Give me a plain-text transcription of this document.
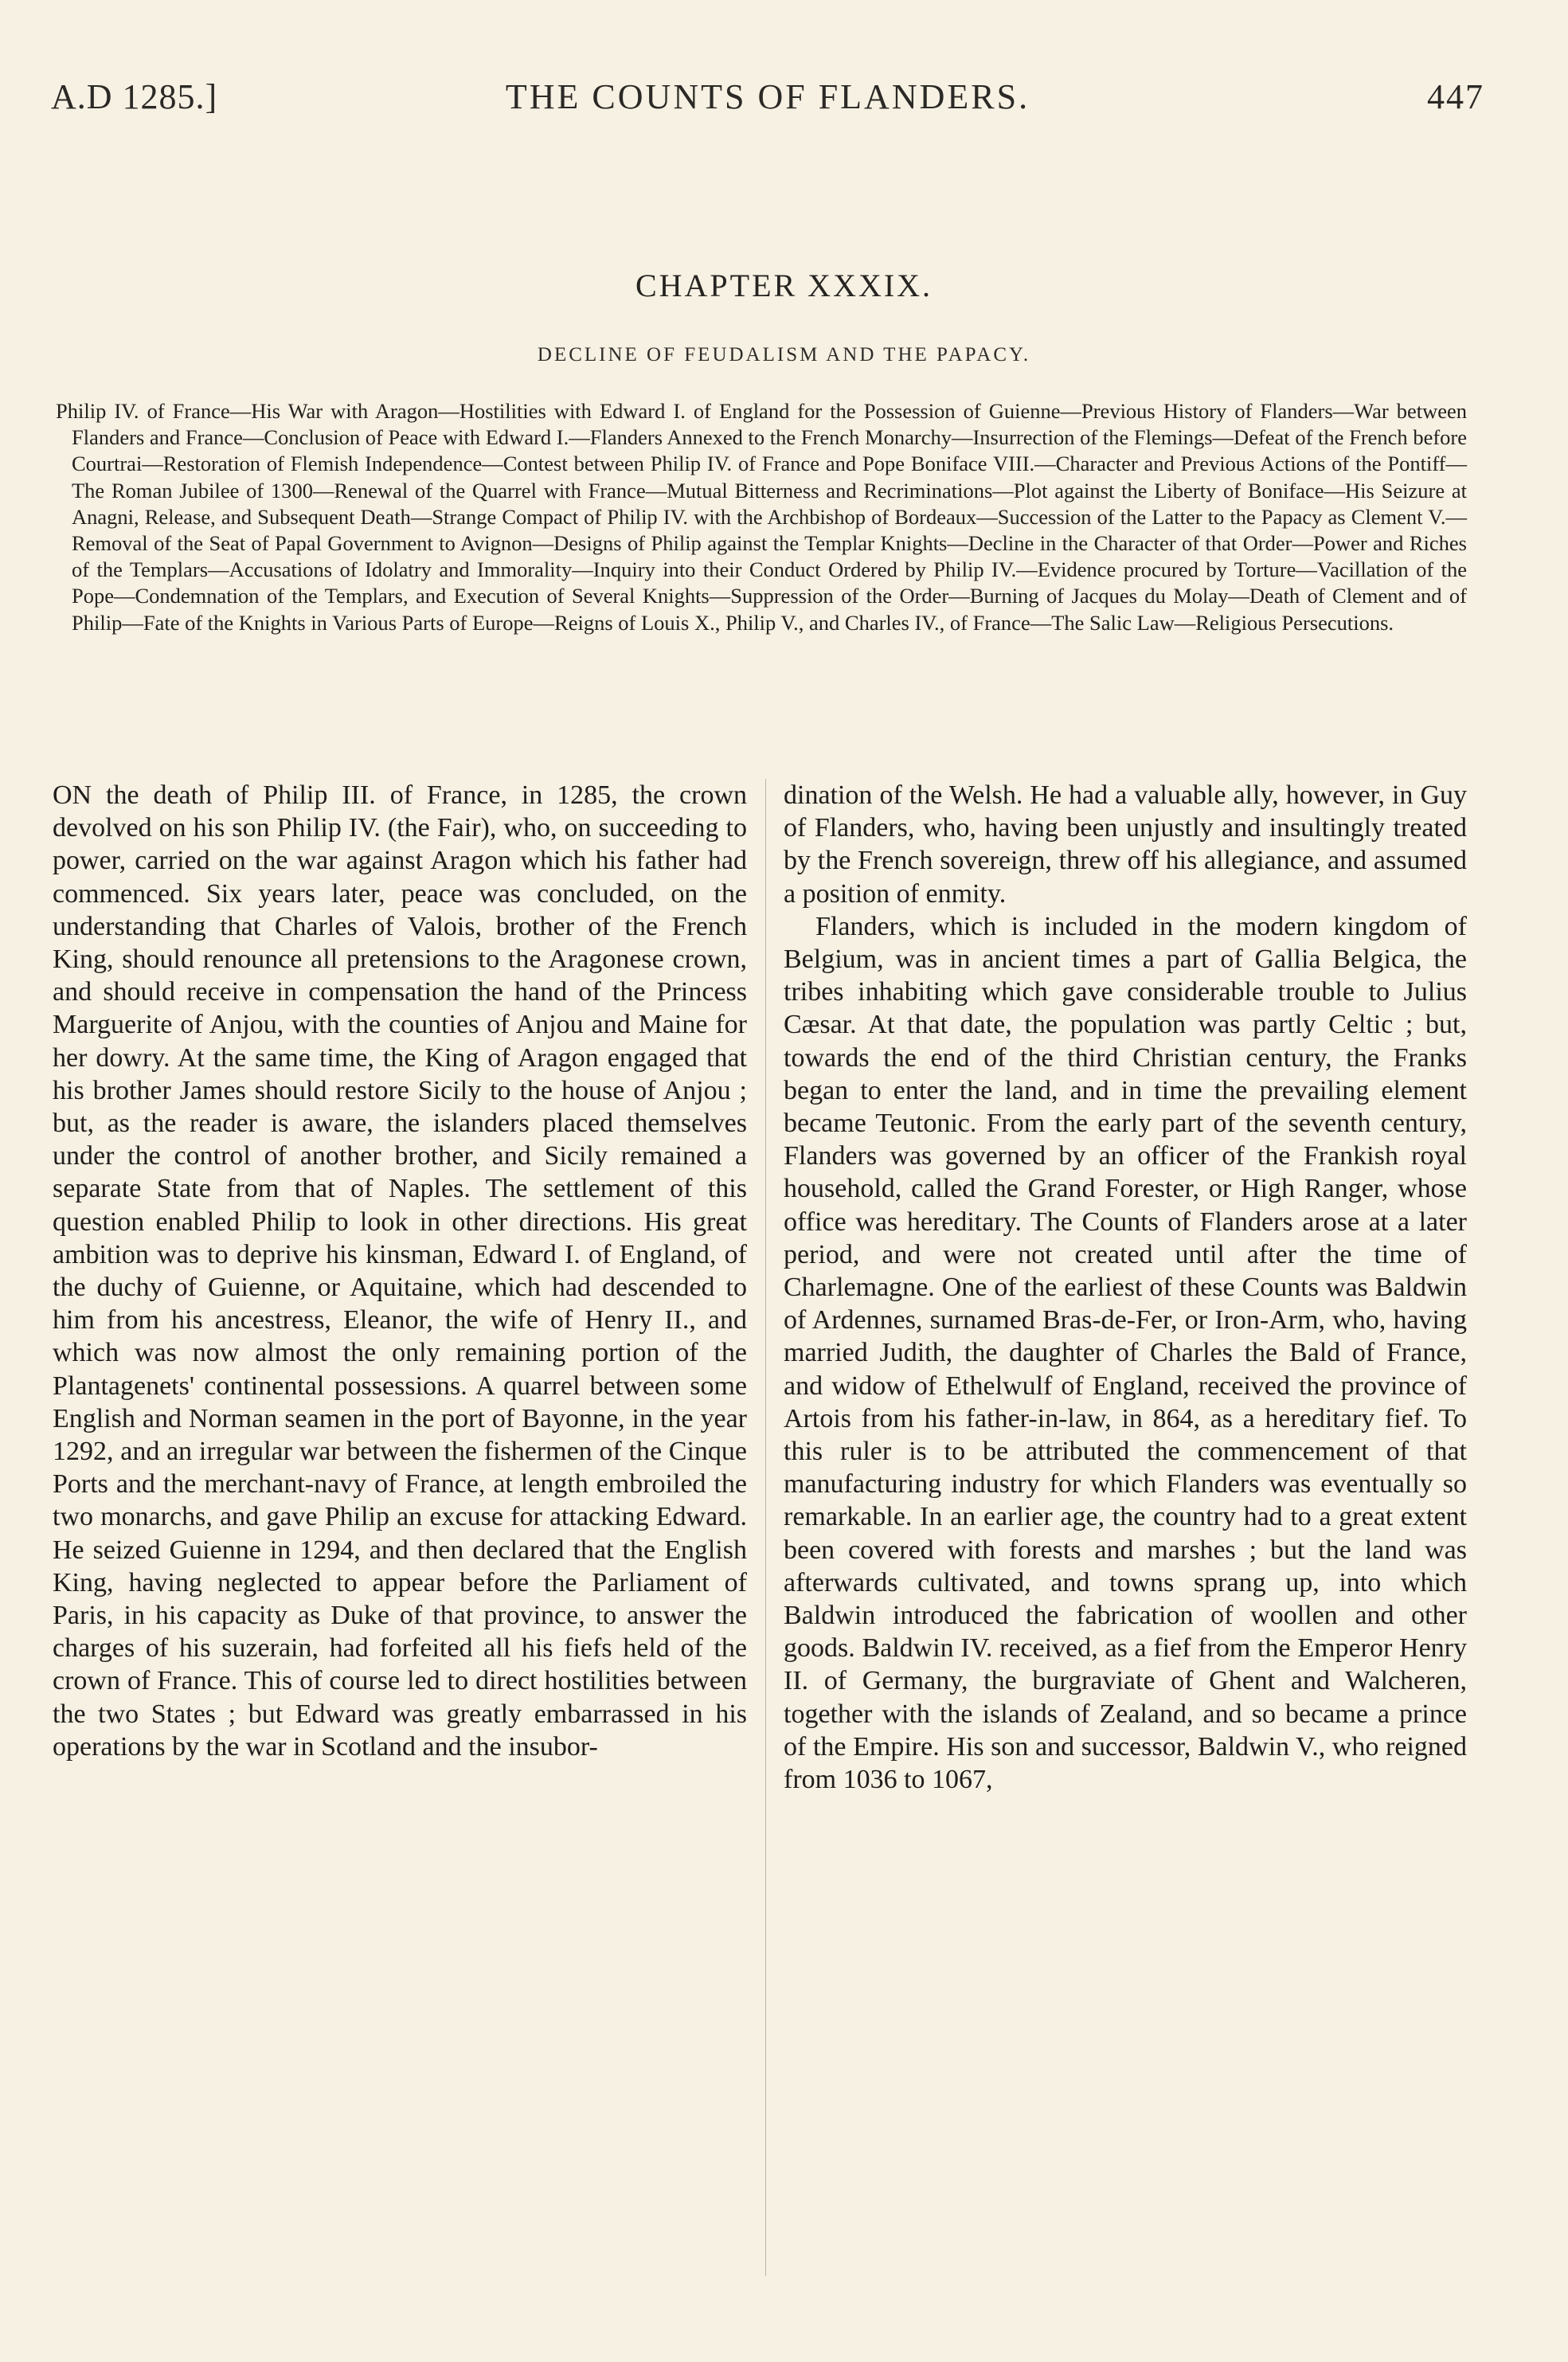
A.D 1285.]	THE COUNTS OF FLANDERS.	447
CHAPTER XXXIX.
DECLINE OF FEUDALISM AND THE PAPACY.
Philip IV. of France—His War with Aragon—Hostilities with Edward I. of England for the Possession of Guienne—Previous History of Flanders—War between Flanders and France—Conclusion of Peace with Edward I.—Flanders Annexed to the French Monarchy—Insurrection of the Flemings—Defeat of the French before Courtrai—Restoration of Flemish Independence—Contest between Philip IV. of France and Pope Boniface VIII.—Character and Previous Actions of the Pontiff—The Roman Jubilee of 1300—Renewal of the Quarrel with France—Mutual Bitterness and Recriminations—Plot against the Liberty of Boniface—His Seizure at Anagni, Release, and Subsequent Death—Strange Compact of Philip IV. with the Archbishop of Bordeaux—Succession of the Latter to the Papacy as Clement V.—Removal of the Seat of Papal Government to Avignon—Designs of Philip against the Templar Knights—Decline in the Character of that Order—Power and Riches of the Templars—Accusations of Idolatry and Immorality—Inquiry into their Conduct Ordered by Philip IV.—Evidence procured by Torture—Vacillation of the Pope—Condemnation of the Templars, and Execution of Several Knights—Suppression of the Order—Burning of Jacques du Molay—Death of Clement and of Philip—Fate of the Knights in Various Parts of Europe—Reigns of Louis X., Philip V., and Charles IV., of France—The Salic Law—Religious Persecutions.

ON the death of Philip III. of France, in 1285, the crown devolved on his son Philip IV. (the Fair), who, on succeeding to power, carried on the war against Aragon which his father had commenced. Six years later, peace was concluded, on the understanding that Charles of Valois, brother of the French King, should renounce all pretensions to the Aragonese crown, and should receive in compensation the hand of the Princess Marguerite of Anjou, with the counties of Anjou and Maine for her dowry. At the same time, the King of Aragon engaged that his brother James should restore Sicily to the house of Anjou ; but, as the reader is aware, the islanders placed themselves under the control of another brother, and Sicily remained a separate State from that of Naples. The settlement of this question enabled Philip to look in other directions. His great ambition was to deprive his kinsman, Edward I. of England, of the duchy of Guienne, or Aquitaine, which had descended to him from his ancestress, Eleanor, the wife of Henry II., and which was now almost the only remaining portion of the Plantagenets' continental possessions. A quarrel between some English and Norman seamen in the port of Bayonne, in the year 1292, and an irregular war between the fishermen of the Cinque Ports and the merchant-navy of France, at length embroiled the two monarchs, and gave Philip an excuse for attacking Edward. He seized Guienne in 1294, and then declared that the English King, having neglected to appear before the Parliament of Paris, in his capacity as Duke of that province, to answer the charges of his suzerain, had forfeited all his fiefs held of the crown of France. This of course led to direct hostilities between the two States ; but Edward was greatly embarrassed in his operations by the war in Scotland and the insubor-

dination of the Welsh. He had a valuable ally, however, in Guy of Flanders, who, having been unjustly and insultingly treated by the French sovereign, threw off his allegiance, and assumed a position of enmity.

Flanders, which is included in the modern kingdom of Belgium, was in ancient times a part of Gallia Belgica, the tribes inhabiting which gave considerable trouble to Julius Cæsar. At that date, the population was partly Celtic ; but, towards the end of the third Christian century, the Franks began to enter the land, and in time the prevailing element became Teutonic. From the early part of the seventh century, Flanders was governed by an officer of the Frankish royal household, called the Grand Forester, or High Ranger, whose office was hereditary. The Counts of Flanders arose at a later period, and were not created until after the time of Charlemagne. One of the earliest of these Counts was Baldwin of Ardennes, surnamed Bras-de-Fer, or Iron-Arm, who, having married Judith, the daughter of Charles the Bald of France, and widow of Ethelwulf of England, received the province of Artois from his father-in-law, in 864, as a hereditary fief. To this ruler is to be attributed the commencement of that manufacturing industry for which Flanders was eventually so remarkable. In an earlier age, the country had to a great extent been covered with forests and marshes ; but the land was afterwards cultivated, and towns sprang up, into which Baldwin introduced the fabrication of woollen and other goods. Baldwin IV. received, as a fief from the Emperor Henry II. of Germany, the burgraviate of Ghent and Walcheren, together with the islands of Zealand, and so became a prince of the Empire. His son and successor, Baldwin V., who reigned from 1036 to 1067,
